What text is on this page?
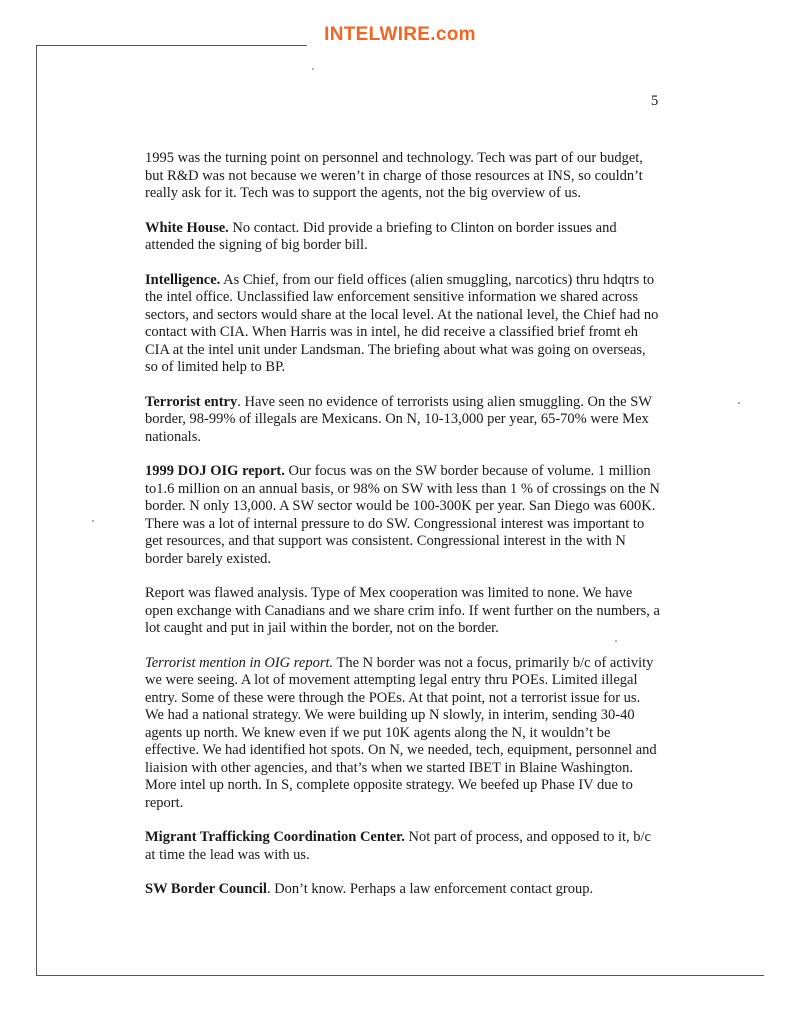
INTELWIRE.com
5

1995 was the turning point on personnel and technology. Tech was part of our budget, but R&D was not because we weren’t in charge of those resources at INS, so couldn’t really ask for it. Tech was to support the agents, not the big overview of us.

White House. No contact. Did provide a briefing to Clinton on border issues and attended the signing of big border bill.

Intelligence. As Chief, from our field offices (alien smuggling, narcotics) thru hdqtrs to the intel office. Unclassified law enforcement sensitive information we shared across sectors, and sectors would share at the local level. At the national level, the Chief had no contact with CIA. When Harris was in intel, he did receive a classified brief fromt eh CIA at the intel unit under Landsman. The briefing about what was going on overseas, so of limited help to BP.

Terrorist entry. Have seen no evidence of terrorists using alien smuggling. On the SW border, 98-99% of illegals are Mexicans. On N, 10-13,000 per year, 65-70% were Mex nationals.

1999 DOJ OIG report. Our focus was on the SW border because of volume. 1 million to1.6 million on an annual basis, or 98% on SW with less than 1 % of crossings on the N border. N only 13,000. A SW sector would be 100-300K per year. San Diego was 600K. There was a lot of internal pressure to do SW. Congressional interest was important to get resources, and that support was consistent. Congressional interest in the with N border barely existed.

Report was flawed analysis. Type of Mex cooperation was limited to none. We have open exchange with Canadians and we share crim info. If went further on the numbers, a lot caught and put in jail within the border, not on the border.

Terrorist mention in OIG report. The N border was not a focus, primarily b/c of activity we were seeing. A lot of movement attempting legal entry thru POEs. Limited illegal entry. Some of these were through the POEs. At that point, not a terrorist issue for us. We had a national strategy. We were building up N slowly, in interim, sending 30-40 agents up north. We knew even if we put 10K agents along the N, it wouldn’t be effective. We had identified hot spots. On N, we needed, tech, equipment, personnel and liaision with other agencies, and that’s when we started IBET in Blaine Washington. More intel up north. In S, complete opposite strategy. We beefed up Phase IV due to report.

Migrant Trafficking Coordination Center. Not part of process, and opposed to it, b/c at time the lead was with us.

SW Border Council. Don’t know. Perhaps a law enforcement contact group.
